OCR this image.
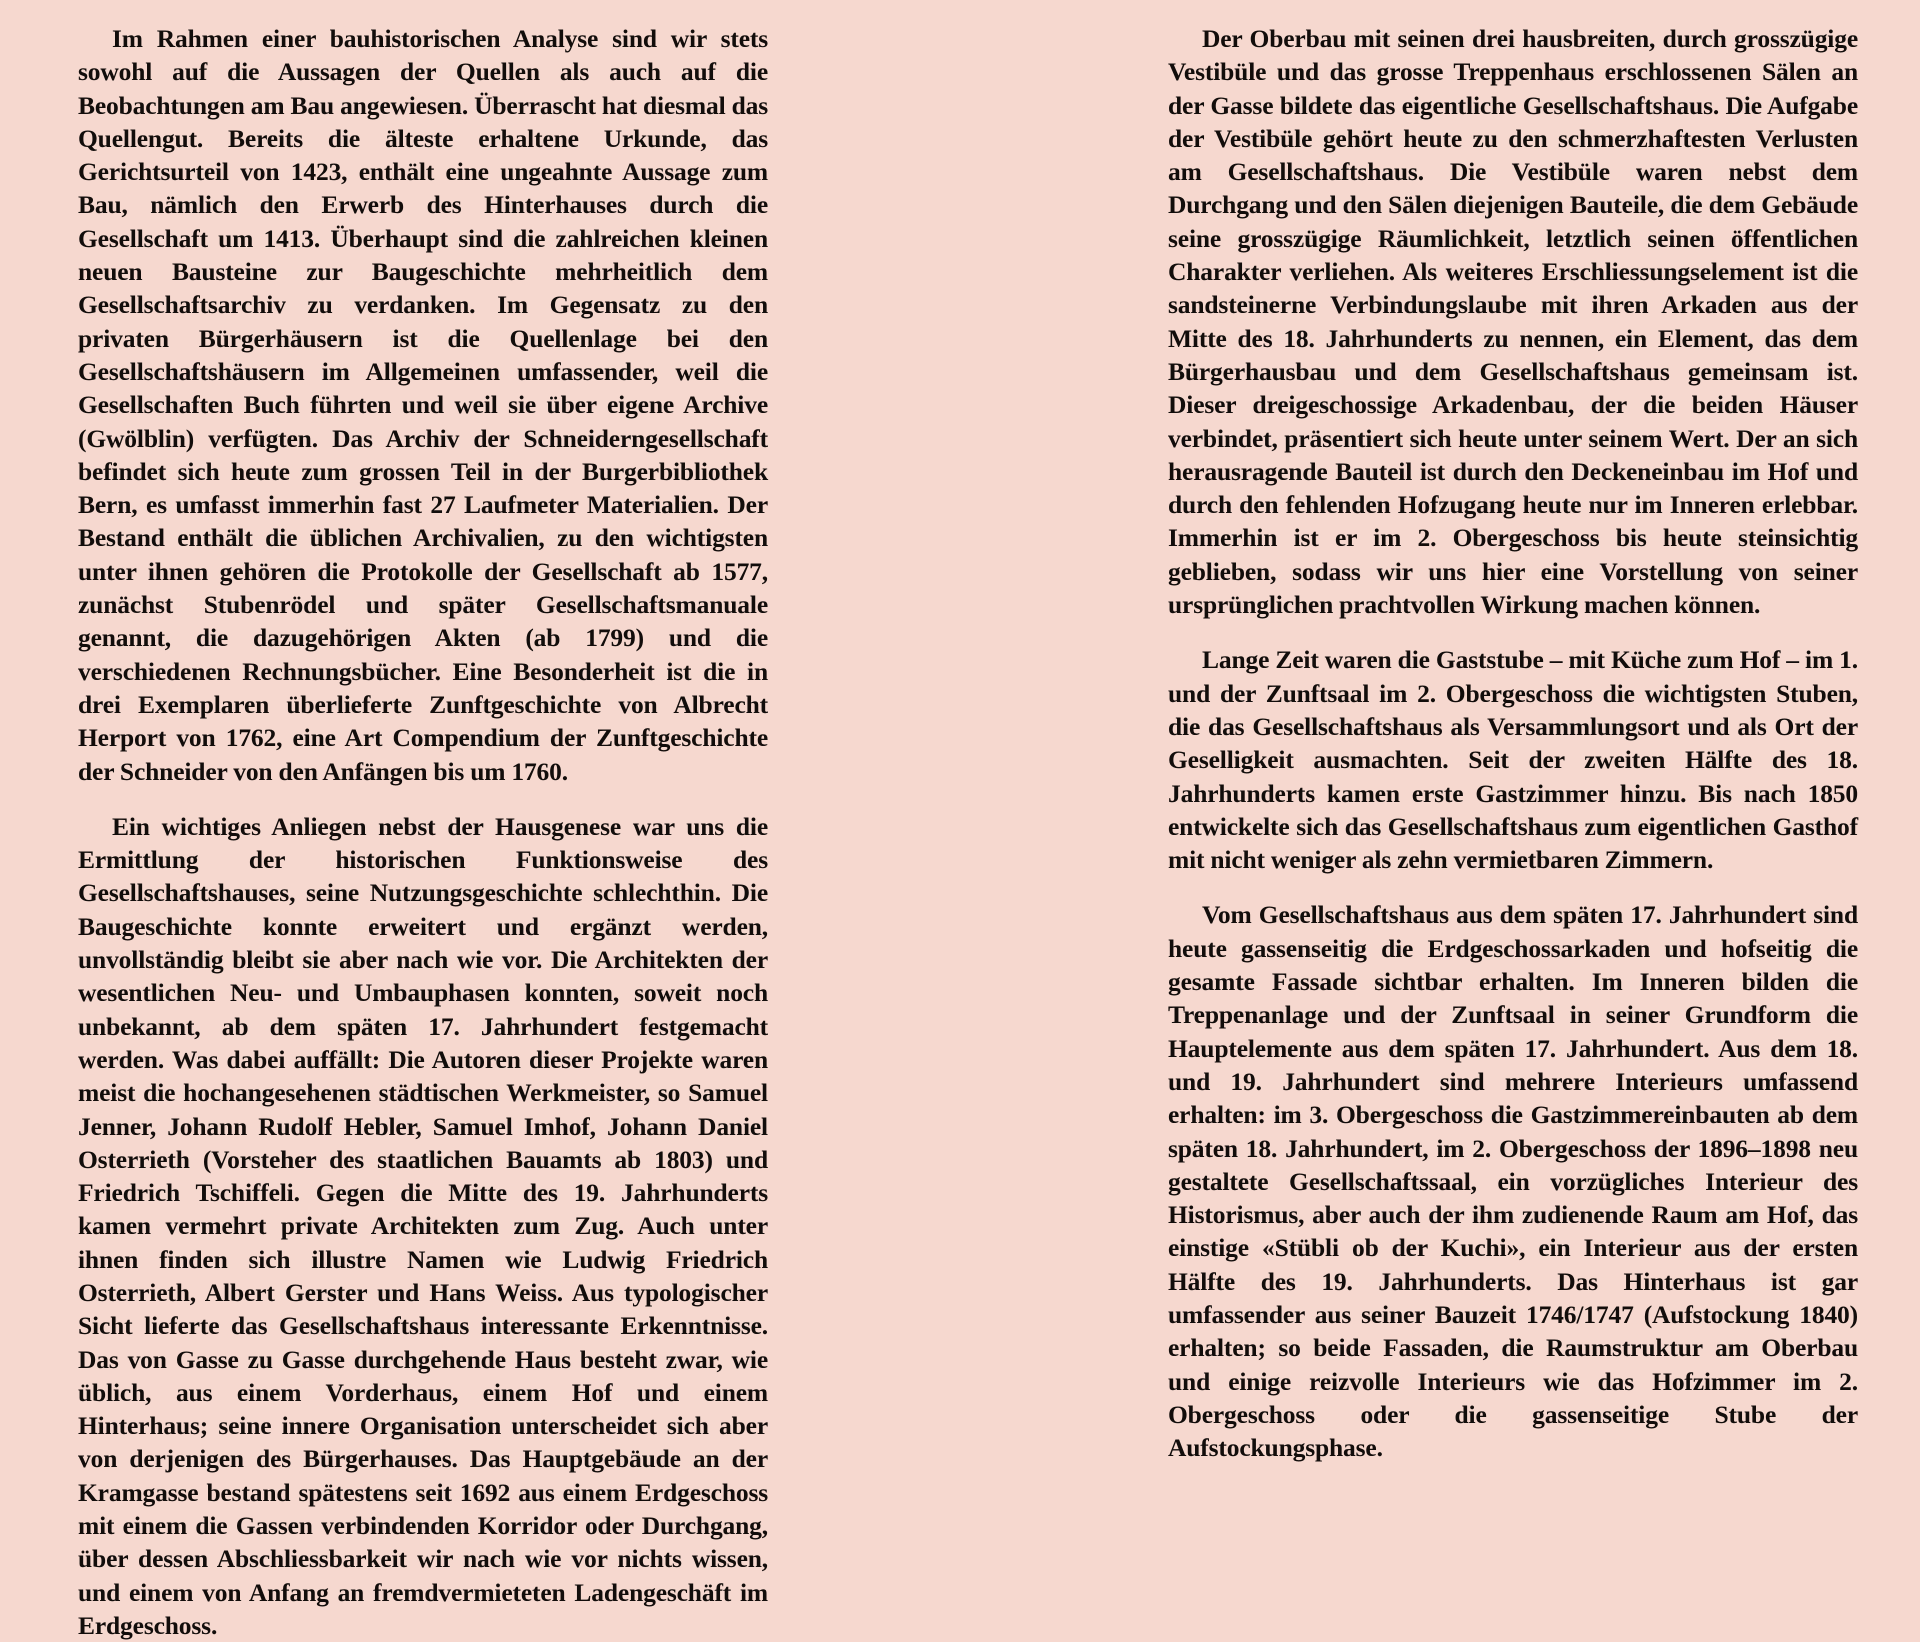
Im Rahmen einer bauhistorischen Analyse sind wir stets sowohl auf die Aussagen der Quellen als auch auf die Beobachtungen am Bau angewiesen. Überrascht hat diesmal das Quellengut. Bereits die älteste erhaltene Urkunde, das Gerichtsurteil von 1423, enthält eine ungeahnte Aussage zum Bau, nämlich den Erwerb des Hinterhauses durch die Gesellschaft um 1413. Überhaupt sind die zahlreichen kleinen neuen Bausteine zur Baugeschichte mehrheitlich dem Gesellschaftsarchiv zu verdanken. Im Gegensatz zu den privaten Bürgerhäusern ist die Quellenlage bei den Gesellschaftshäusern im Allgemeinen umfassender, weil die Gesellschaften Buch führten und weil sie über eigene Archive (Gwölblin) verfügten. Das Archiv der Schneiderngesellschaft befindet sich heute zum grossen Teil in der Burgerbibliothek Bern, es umfasst immerhin fast 27 Laufmeter Materialien. Der Bestand enthält die üblichen Archivalien, zu den wichtigsten unter ihnen gehören die Protokolle der Gesellschaft ab 1577, zunächst Stubenrödel und später Gesellschaftsmanuale genannt, die dazugehörigen Akten (ab 1799) und die verschiedenen Rechnungsbücher. Eine Besonderheit ist die in drei Exemplaren überlieferte Zunftgeschichte von Albrecht Herport von 1762, eine Art Compendium der Zunftgeschichte der Schneider von den Anfängen bis um 1760.

Ein wichtiges Anliegen nebst der Hausgenese war uns die Ermittlung der historischen Funktionsweise des Gesellschaftshauses, seine Nutzungsgeschichte schlechthin. Die Baugeschichte konnte erweitert und ergänzt werden, unvollständig bleibt sie aber nach wie vor. Die Architekten der wesentlichen Neu- und Umbauphasen konnten, soweit noch unbekannt, ab dem späten 17. Jahrhundert festgemacht werden. Was dabei auffällt: Die Autoren dieser Projekte waren meist die hochangesehenen städtischen Werkmeister, so Samuel Jenner, Johann Rudolf Hebler, Samuel Imhof, Johann Daniel Osterrieth (Vorsteher des staatlichen Bauamts ab 1803) und Friedrich Tschiffeli. Gegen die Mitte des 19. Jahrhunderts kamen vermehrt private Architekten zum Zug. Auch unter ihnen finden sich illustre Namen wie Ludwig Friedrich Osterrieth, Albert Gerster und Hans Weiss. Aus typologischer Sicht lieferte das Gesellschaftshaus interessante Erkenntnisse. Das von Gasse zu Gasse durchgehende Haus besteht zwar, wie üblich, aus einem Vorderhaus, einem Hof und einem Hinterhaus; seine innere Organisation unterscheidet sich aber von derjenigen des Bürgerhauses. Das Hauptgebäude an der Kramgasse bestand spätestens seit 1692 aus einem Erdgeschoss mit einem die Gassen verbindenden Korridor oder Durchgang, über dessen Abschliessbarkeit wir nach wie vor nichts wissen, und einem von Anfang an fremdvermieteten Ladengeschäft im Erdgeschoss.

Der Oberbau mit seinen drei hausbreiten, durch grosszügige Vestibüle und das grosse Treppenhaus erschlossenen Sälen an der Gasse bildete das eigentliche Gesellschaftshaus. Die Aufgabe der Vestibüle gehört heute zu den schmerzhaftesten Verlusten am Gesellschaftshaus. Die Vestibüle waren nebst dem Durchgang und den Sälen diejenigen Bauteile, die dem Gebäude seine grosszügige Räumlichkeit, letztlich seinen öffentlichen Charakter verliehen. Als weiteres Erschliessungselement ist die sandsteinerne Verbindungslaube mit ihren Arkaden aus der Mitte des 18. Jahrhunderts zu nennen, ein Element, das dem Bürgerhausbau und dem Gesellschaftshaus gemeinsam ist. Dieser dreigeschossige Arkadenbau, der die beiden Häuser verbindet, präsentiert sich heute unter seinem Wert. Der an sich herausragende Bauteil ist durch den Deckeneinbau im Hof und durch den fehlenden Hofzugang heute nur im Inneren erlebbar. Immerhin ist er im 2. Obergeschoss bis heute steinsichtig geblieben, sodass wir uns hier eine Vorstellung von seiner ursprünglichen prachtvollen Wirkung machen können.

Lange Zeit waren die Gaststube – mit Küche zum Hof – im 1. und der Zunftsaal im 2. Obergeschoss die wichtigsten Stuben, die das Gesellschaftshaus als Versammlungsort und als Ort der Geselligkeit ausmachten. Seit der zweiten Hälfte des 18. Jahrhunderts kamen erste Gastzimmer hinzu. Bis nach 1850 entwickelte sich das Gesellschaftshaus zum eigentlichen Gasthof mit nicht weniger als zehn vermietbaren Zimmern.

Vom Gesellschaftshaus aus dem späten 17. Jahrhundert sind heute gassenseitig die Erdgeschossarkaden und hofseitig die gesamte Fassade sichtbar erhalten. Im Inneren bilden die Treppenanlage und der Zunftsaal in seiner Grundform die Hauptelemente aus dem späten 17. Jahrhundert. Aus dem 18. und 19. Jahrhundert sind mehrere Interieurs umfassend erhalten: im 3. Obergeschoss die Gastzimmereinbauten ab dem späten 18. Jahrhundert, im 2. Obergeschoss der 1896–1898 neu gestaltete Gesellschaftssaal, ein vorzügliches Interieur des Historismus, aber auch der ihm zudienende Raum am Hof, das einstige «Stübli ob der Kuchi», ein Interieur aus der ersten Hälfte des 19. Jahrhunderts. Das Hinterhaus ist gar umfassender aus seiner Bauzeit 1746/1747 (Aufstockung 1840) erhalten; so beide Fassaden, die Raumstruktur am Oberbau und einige reizvolle Interieurs wie das Hofzimmer im 2. Obergeschoss oder die gassenseitige Stube der Aufstockungsphase.
